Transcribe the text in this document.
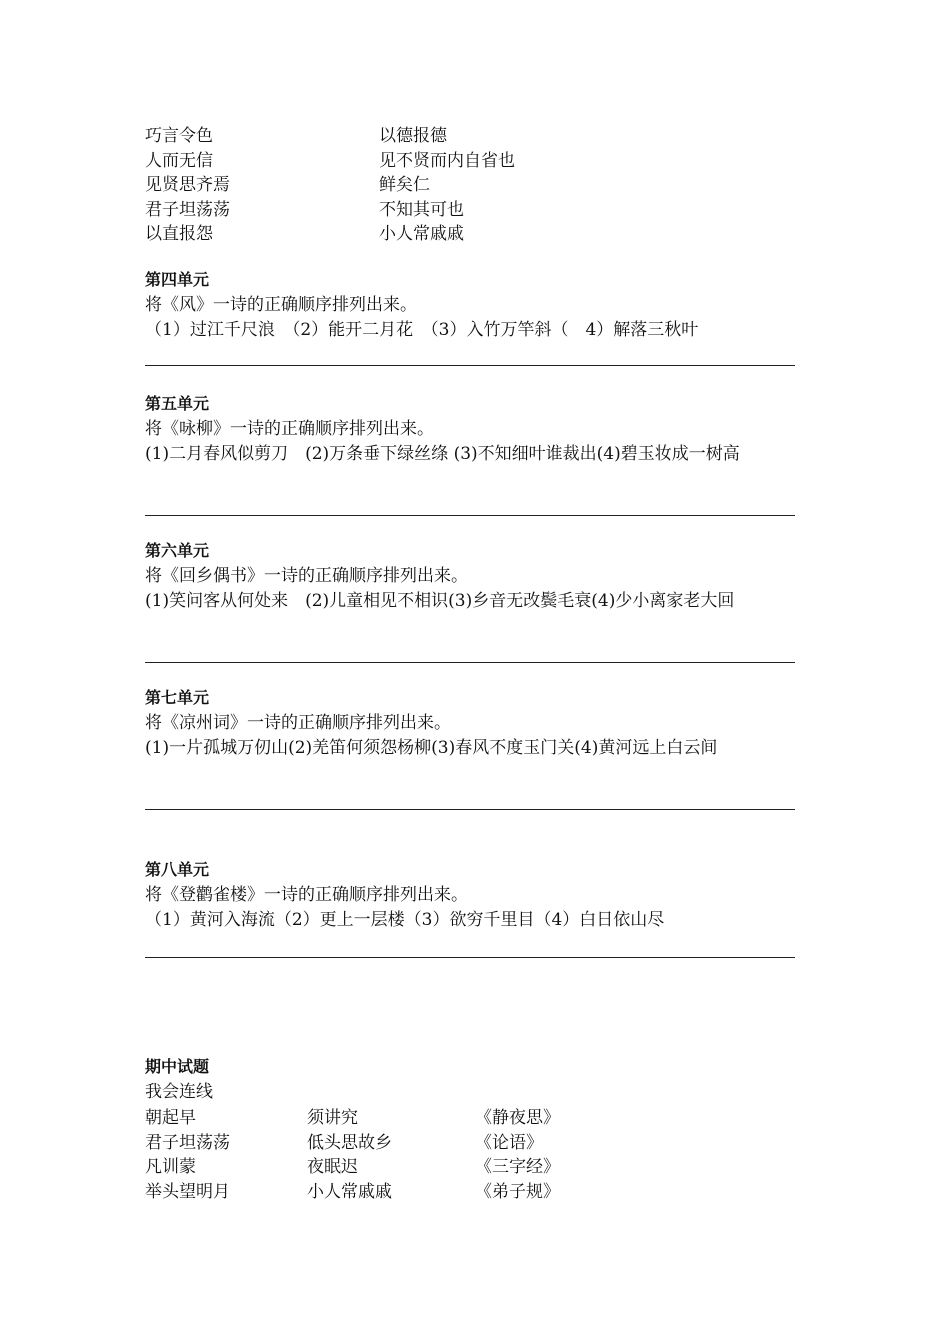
巧言令色	以德报德
人而无信	见不贤而内自省也
见贤思齐焉	鲜矣仁
君子坦荡荡	不知其可也
以直报怨	小人常戚戚
第四单元
将《风》一诗的正确顺序排列出来。
（1）过江千尺浪　（2）能开二月花　（3）入竹万竿斜（　4）解落三秋叶
第五单元
将《咏柳》一诗的正确顺序排列出来。
(1)二月春风似剪刀　(2)万条垂下绿丝绦 (3)不知细叶谁裁出(4)碧玉妆成一树高
第六单元
将《回乡偶书》一诗的正确顺序排列出来。
(1)笑问客从何处来　(2)儿童相见不相识(3)乡音无改鬓毛衰(4)少小离家老大回
第七单元
将《凉州词》一诗的正确顺序排列出来。
(1)一片孤城万仞山(2)羌笛何须怨杨柳(3)春风不度玉门关(4)黄河远上白云间
第八单元
将《登鹳雀楼》一诗的正确顺序排列出来。
（1）黄河入海流（2）更上一层楼（3）欲穷千里目（4）白日依山尽
期中试题
我会连线
朝起早	须讲究	《静夜思》
君子坦荡荡	低头思故乡	《论语》
凡训蒙	夜眠迟	《三字经》
举头望明月	小人常戚戚	《弟子规》
